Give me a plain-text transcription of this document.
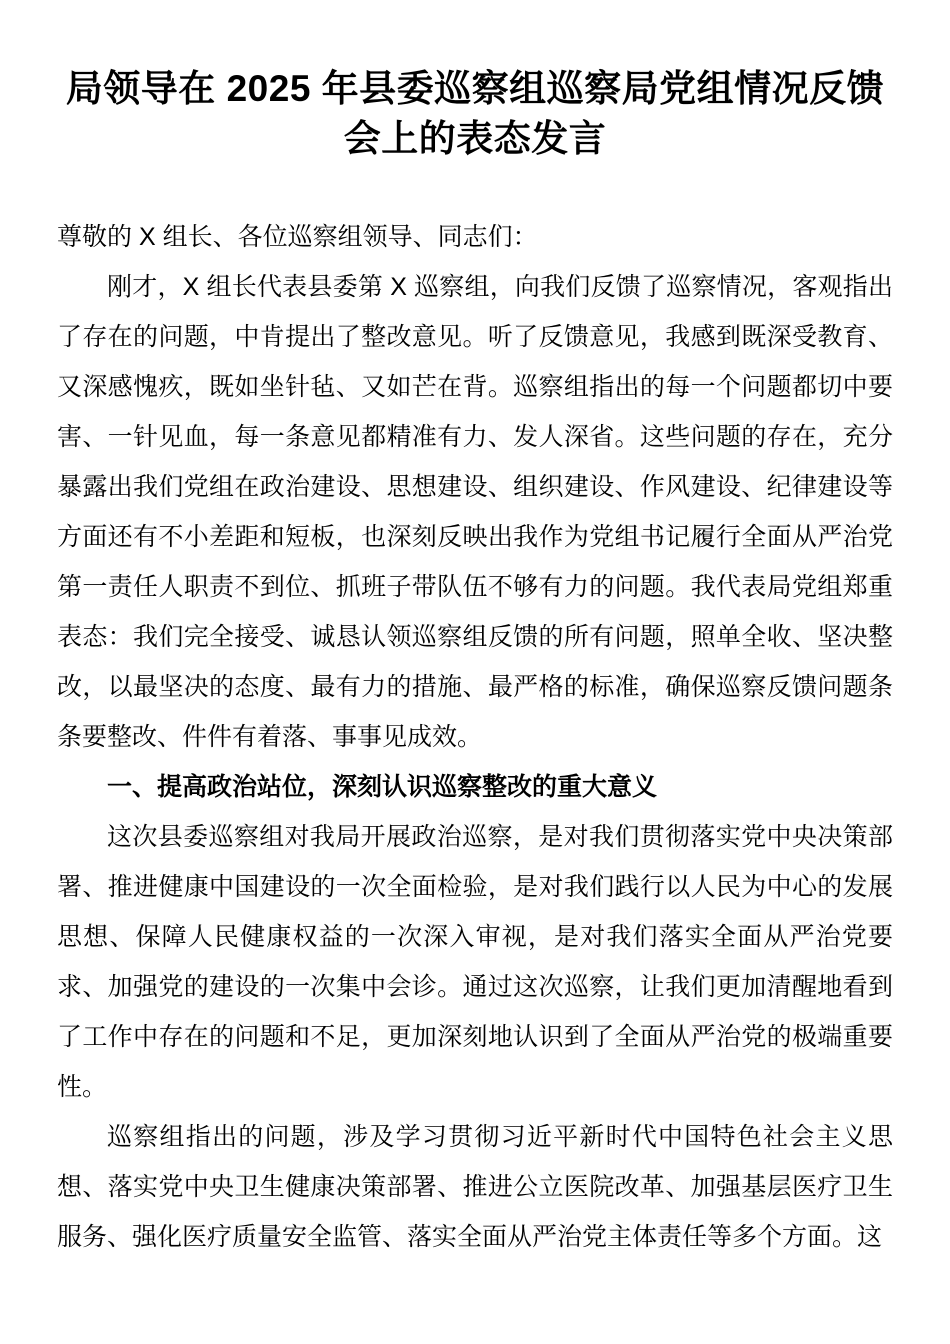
局领导在 2025 年县委巡察组巡察局党组情况反馈会上的表态发言

尊敬的 X 组长、各位巡察组领导、同志们：

刚才，X 组长代表县委第 X 巡察组，向我们反馈了巡察情况，客观指出了存在的问题，中肯提出了整改意见。听了反馈意见，我感到既深受教育、又深感愧疚，既如坐针毡、又如芒在背。巡察组指出的每一个问题都切中要害、一针见血，每一条意见都精准有力、发人深省。这些问题的存在，充分暴露出我们党组在政治建设、思想建设、组织建设、作风建设、纪律建设等方面还有不小差距和短板，也深刻反映出我作为党组书记履行全面从严治党第一责任人职责不到位、抓班子带队伍不够有力的问题。我代表局党组郑重表态：我们完全接受、诚恳认领巡察组反馈的所有问题，照单全收、坚决整改，以最坚决的态度、最有力的措施、最严格的标准，确保巡察反馈问题条条要整改、件件有着落、事事见成效。

一、提高政治站位，深刻认识巡察整改的重大意义

这次县委巡察组对我局开展政治巡察，是对我们贯彻落实党中央决策部署、推进健康中国建设的一次全面检验，是对我们践行以人民为中心的发展思想、保障人民健康权益的一次深入审视，是对我们落实全面从严治党要求、加强党的建设的一次集中会诊。通过这次巡察，让我们更加清醒地看到了工作中存在的问题和不足，更加深刻地认识到了全面从严治党的极端重要性。

巡察组指出的问题，涉及学习贯彻习近平新时代中国特色社会主义思想、落实党中央卫生健康决策部署、推进公立医院改革、加强基层医疗卫生服务、强化医疗质量安全监管、落实全面从严治党主体责任等多个方面。这
